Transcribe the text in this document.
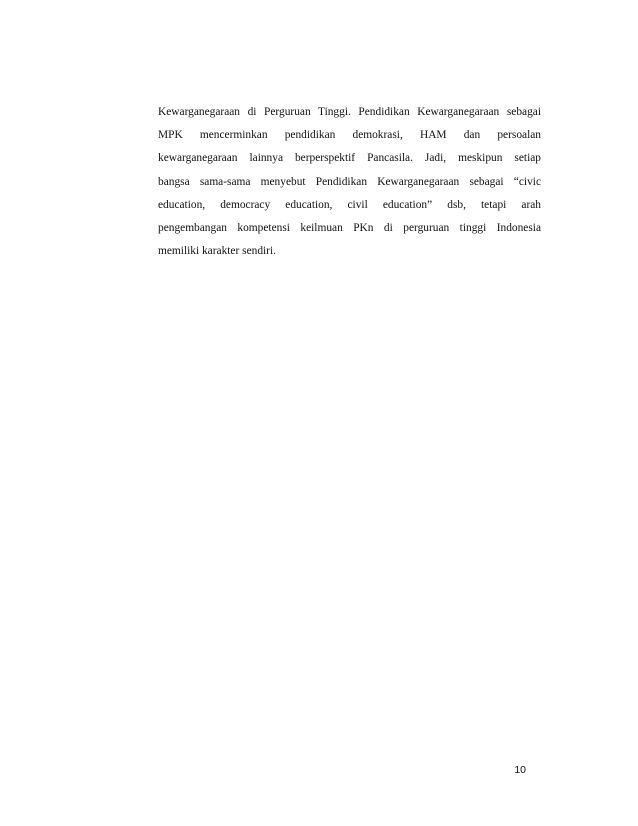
Kewarganegaraan di Perguruan Tinggi. Pendidikan Kewarganegaraan sebagai
MPK mencerminkan pendidikan demokrasi, HAM dan persoalan
kewarganegaraan lainnya berperspektif Pancasila. Jadi, meskipun setiap
bangsa sama-sama menyebut Pendidikan Kewarganegaraan sebagai “civic
education, democracy education, civil education” dsb, tetapi arah
pengembangan kompetensi keilmuan PKn di perguruan tinggi Indonesia
memiliki karakter sendiri.
10
